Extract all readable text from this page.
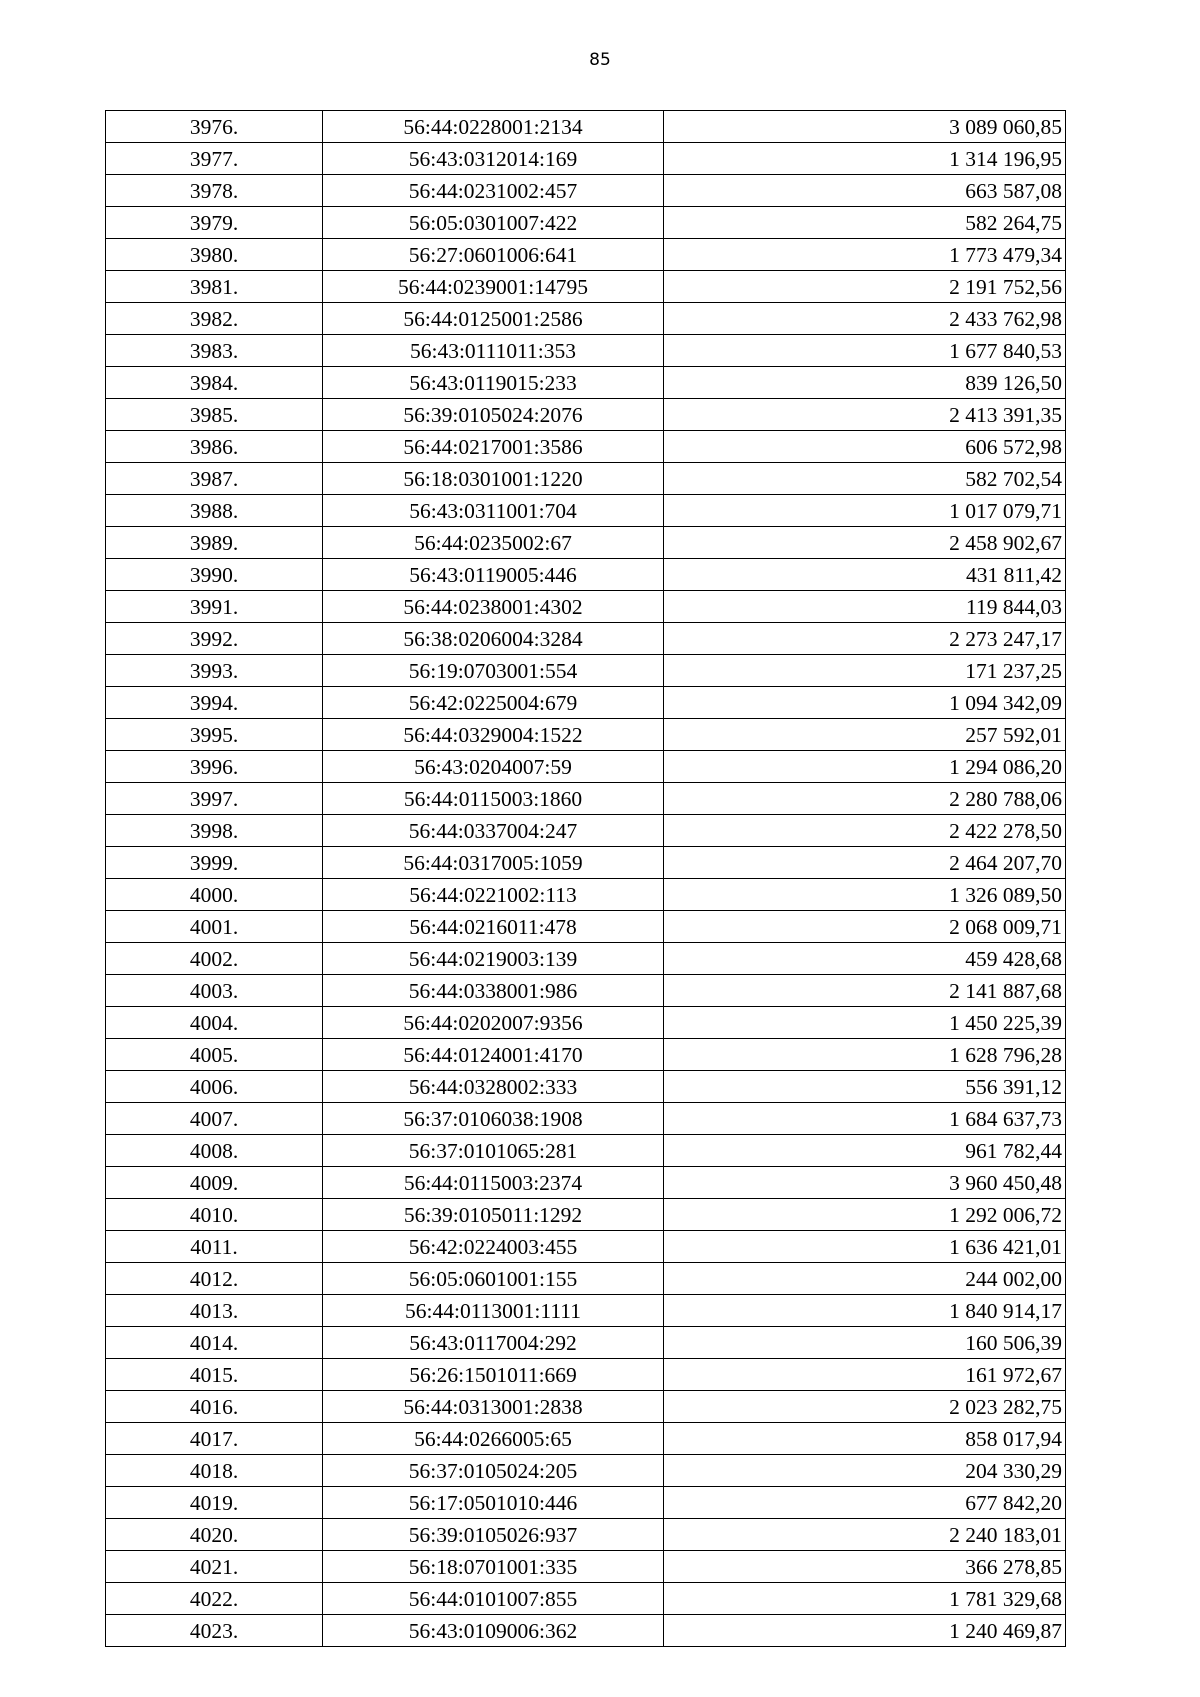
85
3976.	56:44:0228001:2134	3 089 060,85
3977.	56:43:0312014:169	1 314 196,95
3978.	56:44:0231002:457	663 587,08
3979.	56:05:0301007:422	582 264,75
3980.	56:27:0601006:641	1 773 479,34
3981.	56:44:0239001:14795	2 191 752,56
3982.	56:44:0125001:2586	2 433 762,98
3983.	56:43:0111011:353	1 677 840,53
3984.	56:43:0119015:233	839 126,50
3985.	56:39:0105024:2076	2 413 391,35
3986.	56:44:0217001:3586	606 572,98
3987.	56:18:0301001:1220	582 702,54
3988.	56:43:0311001:704	1 017 079,71
3989.	56:44:0235002:67	2 458 902,67
3990.	56:43:0119005:446	431 811,42
3991.	56:44:0238001:4302	119 844,03
3992.	56:38:0206004:3284	2 273 247,17
3993.	56:19:0703001:554	171 237,25
3994.	56:42:0225004:679	1 094 342,09
3995.	56:44:0329004:1522	257 592,01
3996.	56:43:0204007:59	1 294 086,20
3997.	56:44:0115003:1860	2 280 788,06
3998.	56:44:0337004:247	2 422 278,50
3999.	56:44:0317005:1059	2 464 207,70
4000.	56:44:0221002:113	1 326 089,50
4001.	56:44:0216011:478	2 068 009,71
4002.	56:44:0219003:139	459 428,68
4003.	56:44:0338001:986	2 141 887,68
4004.	56:44:0202007:9356	1 450 225,39
4005.	56:44:0124001:4170	1 628 796,28
4006.	56:44:0328002:333	556 391,12
4007.	56:37:0106038:1908	1 684 637,73
4008.	56:37:0101065:281	961 782,44
4009.	56:44:0115003:2374	3 960 450,48
4010.	56:39:0105011:1292	1 292 006,72
4011.	56:42:0224003:455	1 636 421,01
4012.	56:05:0601001:155	244 002,00
4013.	56:44:0113001:1111	1 840 914,17
4014.	56:43:0117004:292	160 506,39
4015.	56:26:1501011:669	161 972,67
4016.	56:44:0313001:2838	2 023 282,75
4017.	56:44:0266005:65	858 017,94
4018.	56:37:0105024:205	204 330,29
4019.	56:17:0501010:446	677 842,20
4020.	56:39:0105026:937	2 240 183,01
4021.	56:18:0701001:335	366 278,85
4022.	56:44:0101007:855	1 781 329,68
4023.	56:43:0109006:362	1 240 469,87
